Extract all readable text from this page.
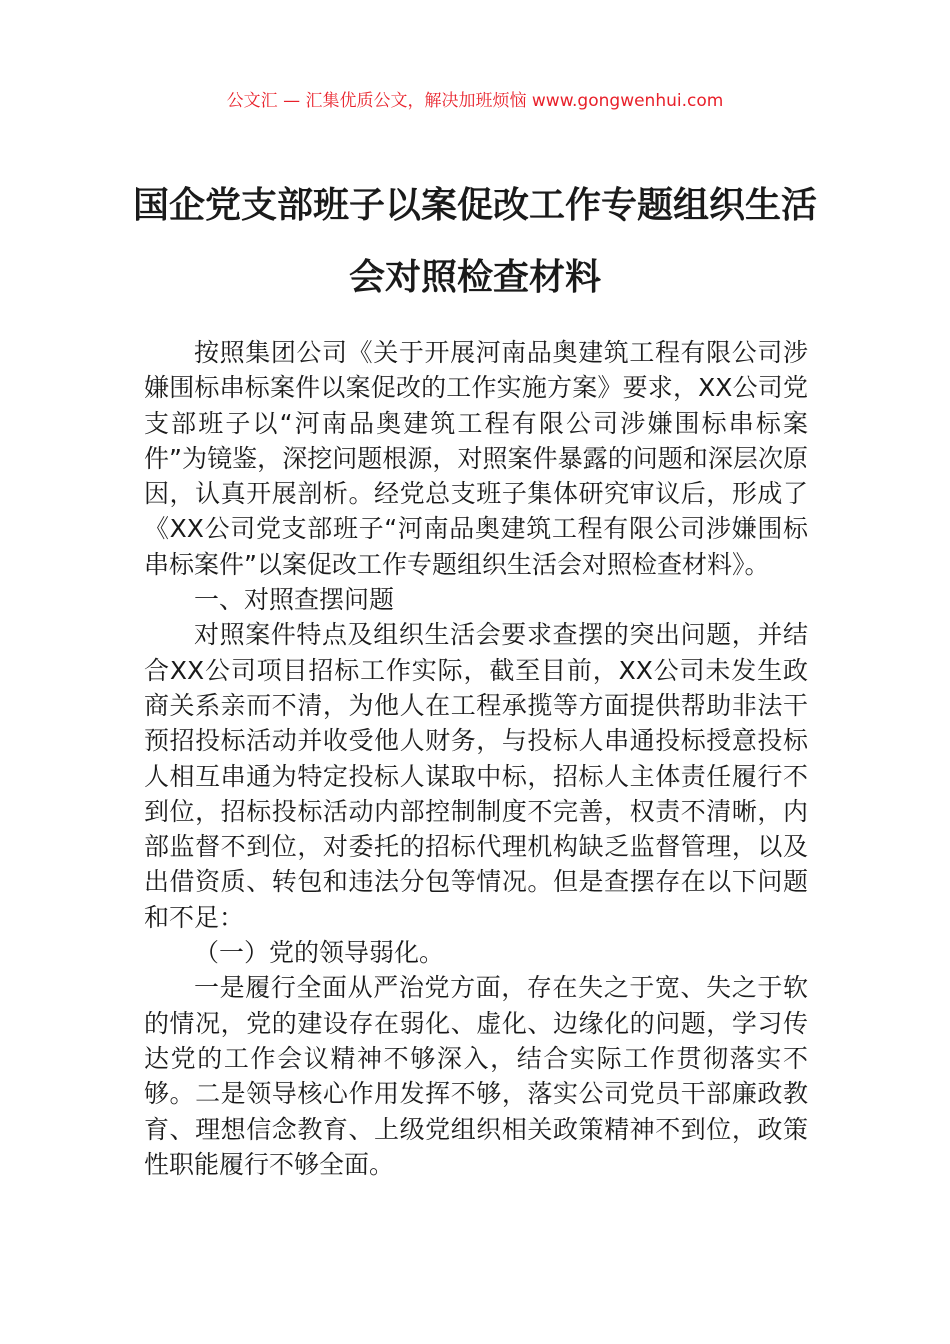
公文汇 — 汇集优质公文，解决加班烦恼 www.gongwenhui.com
国企党支部班子以案促改工作专题组织生活会对照检查材料

按照集团公司《关于开展河南品奥建筑工程有限公司涉嫌围标串标案件以案促改的工作实施方案》要求，XX公司党支部班子以“河南品奥建筑工程有限公司涉嫌围标串标案件”为镜鉴，深挖问题根源，对照案件暴露的问题和深层次原因，认真开展剖析。经党总支班子集体研究审议后，形成了《XX公司党支部班子“河南品奥建筑工程有限公司涉嫌围标串标案件”以案促改工作专题组织生活会对照检查材料》。

一、对照查摆问题

对照案件特点及组织生活会要求查摆的突出问题，并结合XX公司项目招标工作实际，截至目前，XX公司未发生政商关系亲而不清，为他人在工程承揽等方面提供帮助非法干预招投标活动并收受他人财务，与投标人串通投标授意投标人相互串通为特定投标人谋取中标，招标人主体责任履行不到位，招标投标活动内部控制制度不完善，权责不清晰，内部监督不到位，对委托的招标代理机构缺乏监督管理，以及出借资质、转包和违法分包等情况。但是查摆存在以下问题和不足：

（一）党的领导弱化。

一是履行全面从严治党方面，存在失之于宽、失之于软的情况，党的建设存在弱化、虚化、边缘化的问题，学习传达党的工作会议精神不够深入，结合实际工作贯彻落实不够。二是领导核心作用发挥不够，落实公司党员干部廉政教育、理想信念教育、上级党组织相关政策精神不到位，政策性职能履行不够全面。
